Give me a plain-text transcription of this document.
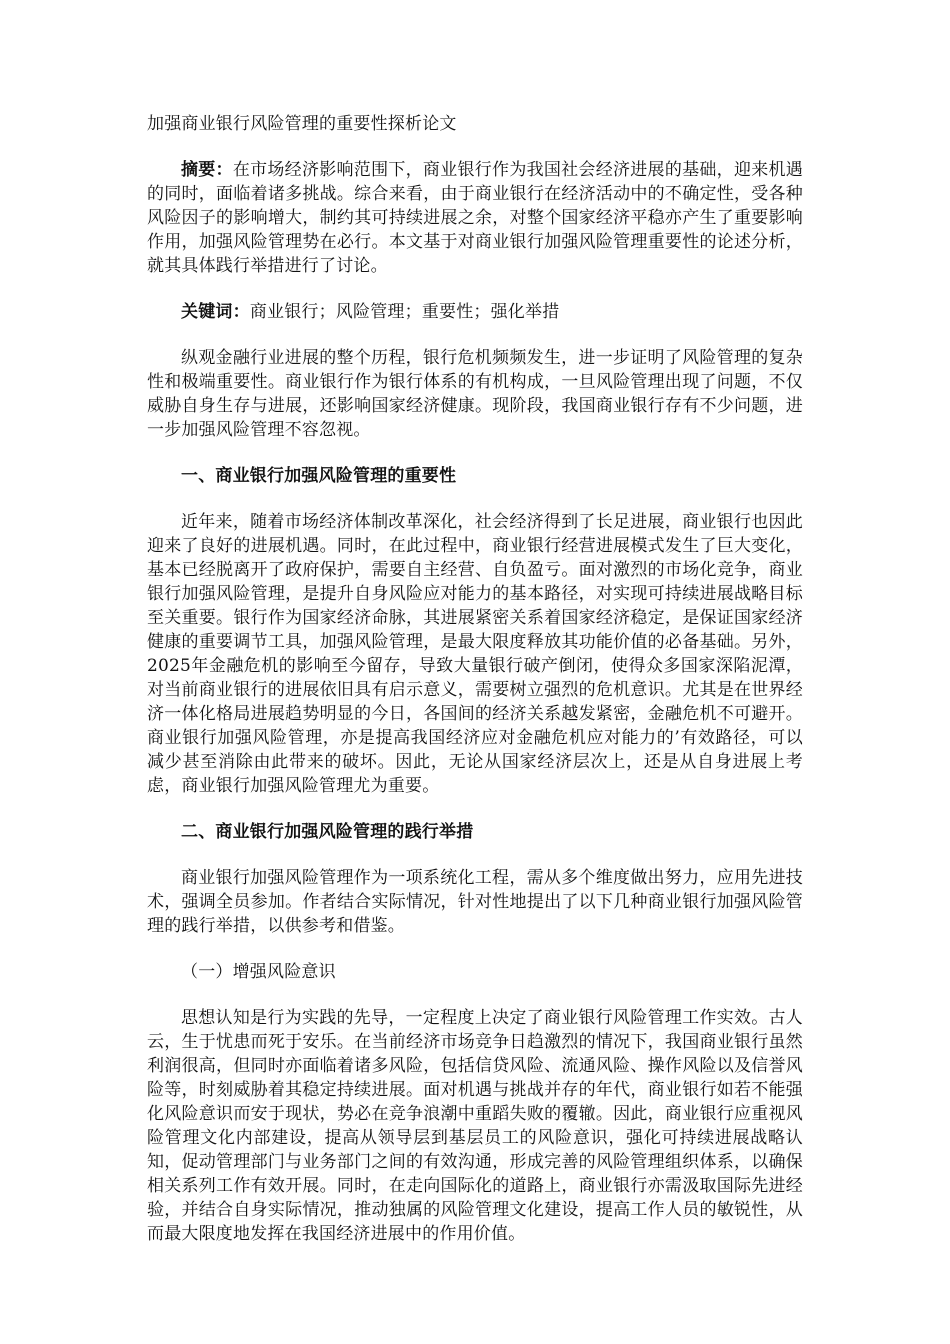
加强商业银行风险管理的重要性探析论文

摘要：在市场经济影响范围下，商业银行作为我国社会经济进展的基础，迎来机遇的同时，面临着诸多挑战。综合来看，由于商业银行在经济活动中的不确定性，受各种风险因子的影响增大，制约其可持续进展之余，对整个国家经济平稳亦产生了重要影响作用，加强风险管理势在必行。本文基于对商业银行加强风险管理重要性的论述分析，就其具体践行举措进行了讨论。

关键词：商业银行；风险管理；重要性；强化举措

纵观金融行业进展的整个历程，银行危机频频发生，进一步证明了风险管理的复杂性和极端重要性。商业银行作为银行体系的有机构成，一旦风险管理出现了问题，不仅威胁自身生存与进展，还影响国家经济健康。现阶段，我国商业银行存有不少问题，进一步加强风险管理不容忽视。

一、商业银行加强风险管理的重要性

近年来，随着市场经济体制改革深化，社会经济得到了长足进展，商业银行也因此迎来了良好的进展机遇。同时，在此过程中，商业银行经营进展模式发生了巨大变化，基本已经脱离开了政府保护，需要自主经营、自负盈亏。面对激烈的市场化竞争，商业银行加强风险管理，是提升自身风险应对能力的基本路径，对实现可持续进展战略目标至关重要。银行作为国家经济命脉，其进展紧密关系着国家经济稳定，是保证国家经济健康的重要调节工具，加强风险管理，是最大限度释放其功能价值的必备基础。另外，2025年金融危机的影响至今留存，导致大量银行破产倒闭，使得众多国家深陷泥潭，对当前商业银行的进展依旧具有启示意义，需要树立强烈的危机意识。尤其是在世界经济一体化格局进展趋势明显的今日，各国间的经济关系越发紧密，金融危机不可避开。商业银行加强风险管理，亦是提高我国经济应对金融危机应对能力的’有效路径，可以减少甚至消除由此带来的破坏。因此，无论从国家经济层次上，还是从自身进展上考虑，商业银行加强风险管理尤为重要。

二、商业银行加强风险管理的践行举措

商业银行加强风险管理作为一项系统化工程，需从多个维度做出努力，应用先进技术，强调全员参加。作者结合实际情况，针对性地提出了以下几种商业银行加强风险管理的践行举措，以供参考和借鉴。

（一）增强风险意识

思想认知是行为实践的先导，一定程度上决定了商业银行风险管理工作实效。古人云，生于忧患而死于安乐。在当前经济市场竞争日趋激烈的情况下，我国商业银行虽然利润很高，但同时亦面临着诸多风险，包括信贷风险、流通风险、操作风险以及信誉风险等，时刻威胁着其稳定持续进展。面对机遇与挑战并存的年代，商业银行如若不能强化风险意识而安于现状，势必在竞争浪潮中重蹈失败的覆辙。因此，商业银行应重视风险管理文化内部建设，提高从领导层到基层员工的风险意识，强化可持续进展战略认知，促动管理部门与业务部门之间的有效沟通，形成完善的风险管理组织体系，以确保相关系列工作有效开展。同时，在走向国际化的道路上，商业银行亦需汲取国际先进经验，并结合自身实际情况，推动独属的风险管理文化建设，提高工作人员的敏锐性，从而最大限度地发挥在我国经济进展中的作用价值。
